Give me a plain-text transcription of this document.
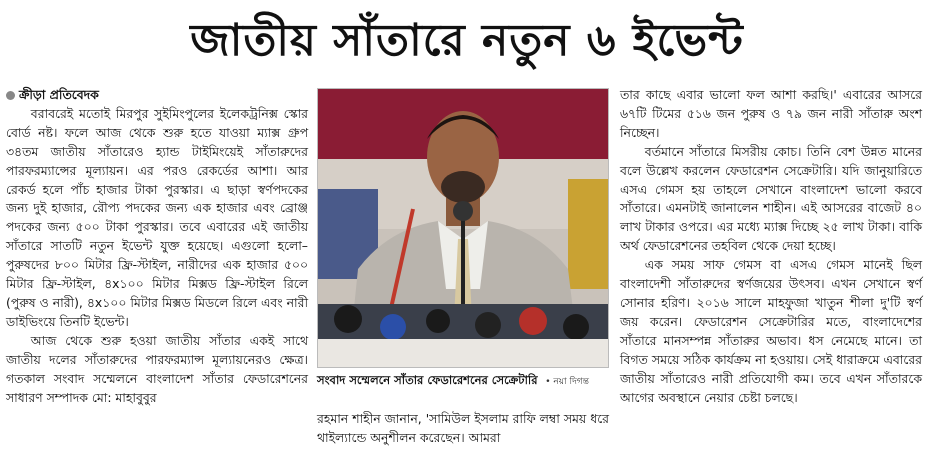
জাতীয় সাঁতারে নতুন ৬ ইভেন্ট
ক্রীড়া প্রতিবেদক

বরাবরেই মতোই মিরপুর সুইমিংপুলের ইলেকট্রনিক্স স্কোর বোর্ড নষ্ট। ফলে আজ থেকে শুরু হতে যাওয়া ম্যাক্স গ্রুপ ৩৪তম জাতীয় সাঁতারেও হ্যান্ড টাইমিংয়েই সাঁতারুদের পারফরম্যান্সের মূল্যায়ন। এর পরও রেকর্ডের আশা। আর রেকর্ড হলে পাঁচ হাজার টাকা পুরস্কার। এ ছাড়া স্বর্ণপদকের জন্য দুই হাজার, রৌপ্য পদকের জন্য এক হাজার এবং ব্রোঞ্জ পদকের জন্য ৫০০ টাকা পুরস্কার। তবে এবারের এই জাতীয় সাঁতারে সাতটি নতুন ইভেন্ট যুক্ত হয়েছে। এগুলো হলো– পুরুষদের ৮০০ মিটার ফ্রি-স্টাইল, নারীদের এক হাজার ৫০০ মিটার ফ্রি-স্টাইল, ৪x১০০ মিটার মিক্সড ফ্রি-স্টাইল রিলে (পুরুষ ও নারী), ৪x১০০ মিটার মিক্সড মিডলে রিলে এবং নারী ডাইভিংয়ে তিনটি ইভেন্ট।

আজ থেকে শুরু হওয়া জাতীয় সাঁতার একই সাথে জাতীয় দলের সাঁতারুদের পারফরম্যান্স মূল্যায়নেরও ক্ষেত্র। গতকাল সংবাদ সম্মেলনে বাংলাদেশ সাঁতার ফেডারেশনের সাধারণ সম্পাদক মো: মাহাবুবুর

সংবাদ সম্মেলনে সাঁতার ফেডারেশনের সেক্রেটারি • নয়া দিগন্ত

রহমান শাহীন জানান, 'সামিউল ইসলাম রাফি লম্বা সময় ধরে থাইল্যান্ডে অনুশীলন করেছেন। আমরা

তার কাছে এবার ভালো ফল আশা করছি।' এবারের আসরে ৬৭টি টিমের ৫১৬ জন পুরুষ ও ৭৯ জন নারী সাঁতারু অংশ নিচ্ছেন।

বর্তমানে সাঁতারে মিসরীয় কোচ। তিনি বেশ উন্নত মানের বলে উল্লেখ করলেন ফেডারেশন সেক্রেটারি। যদি জানুয়ারিতে এসএ গেমস হয় তাহলে সেখানে বাংলাদেশ ভালো করবে সাঁতারে। এমনটাই জানালেন শাহীন। এই আসরের বাজেট ৪০ লাখ টাকার ওপরে। এর মধ্যে ম্যাক্স দিচ্ছে ২৫ লাখ টাকা। বাকি অর্থ ফেডারেশনের তহবিল থেকে দেয়া হচ্ছে।

এক সময় সাফ গেমস বা এসএ গেমস মানেই ছিল বাংলাদেশী সাঁতারুদের স্বর্ণজয়ের উৎসব। এখন সেখানে স্বর্ণ সোনার হরিণ। ২০১৬ সালে মাহফুজা খাতুন শীলা দু'টি স্বর্ণ জয় করেন। ফেডারেশন সেক্রেটারির মতে, বাংলাদেশের সাঁতারে মানসম্পন্ন সাঁতারুর অভাব। ধস নেমেছে মানে। তা বিগত সময়ে সঠিক কার্যক্রম না হওয়ায়। সেই ধারাক্রমে এবারের জাতীয় সাঁতারেও নারী প্রতিযোগী কম। তবে এখন সাঁতারকে আগের অবস্থানে নেয়ার চেষ্টা চলছে।
